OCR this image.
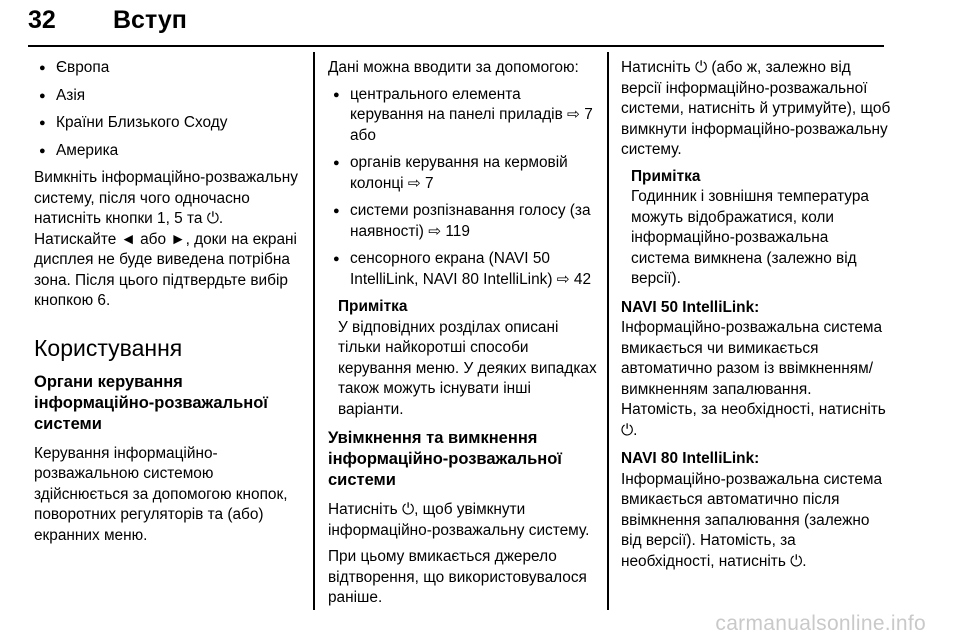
32 Вступ

● Європа

● Азія

● Країни Близького Сходу

● Америка

Вимкніть інформаційно-розважальну систему, після чого одночасно натисніть кнопки 1, 5 та ⏻. Натискайте ◄ або ►, доки на екрані дисплея не буде виведена потрібна зона. Після цього підтвердьте вибір кнопкою 6.

Користування
Органи керування інформаційно-розважальної системи

Керування інформаційно-розважальною системою здійснюється за допомогою кнопок, поворотних регуляторів та (або) екранних меню.

Дані можна вводити за допомогою:

● центрального елемента керування на панелі приладів ⇨ 7 або

● органів керування на кермовій колонці ⇨ 7

● системи розпізнавання голосу (за наявності) ⇨ 119

● сенсорного екрана (NAVI 50 IntelliLink, NAVI 80 IntelliLink) ⇨ 42

Примітка

У відповідних розділах описані тільки найкоротші способи керування меню. У деяких випадках також можуть існувати інші варіанти.

Увімкнення та вимкнення інформаційно-розважальної системи

Натисніть ⏻, щоб увімкнути інформаційно-розважальну систему.

При цьому вмикається джерело відтворення, що використовувалося раніше.

Натисніть ⏻ (або ж, залежно від версії інформаційно-розважальної системи, натисніть й утримуйте), щоб вимкнути інформаційно-розважальну систему.

Примітка

Годинник і зовнішня температура можуть відображатися, коли інформаційно-розважальна система вимкнена (залежно від версії).

NAVI 50 IntelliLink:

Інформаційно-розважальна система вмикається чи вимикається автоматично разом із ввімкненням/вимкненням запалювання. Натомість, за необхідності, натисніть ⏻.

NAVI 80 IntelliLink:

Інформаційно-розважальна система вмикається автоматично після ввімкнення запалювання (залежно від версії). Натомість, за необхідності, натисніть ⏻.

carmanualsonline.info
